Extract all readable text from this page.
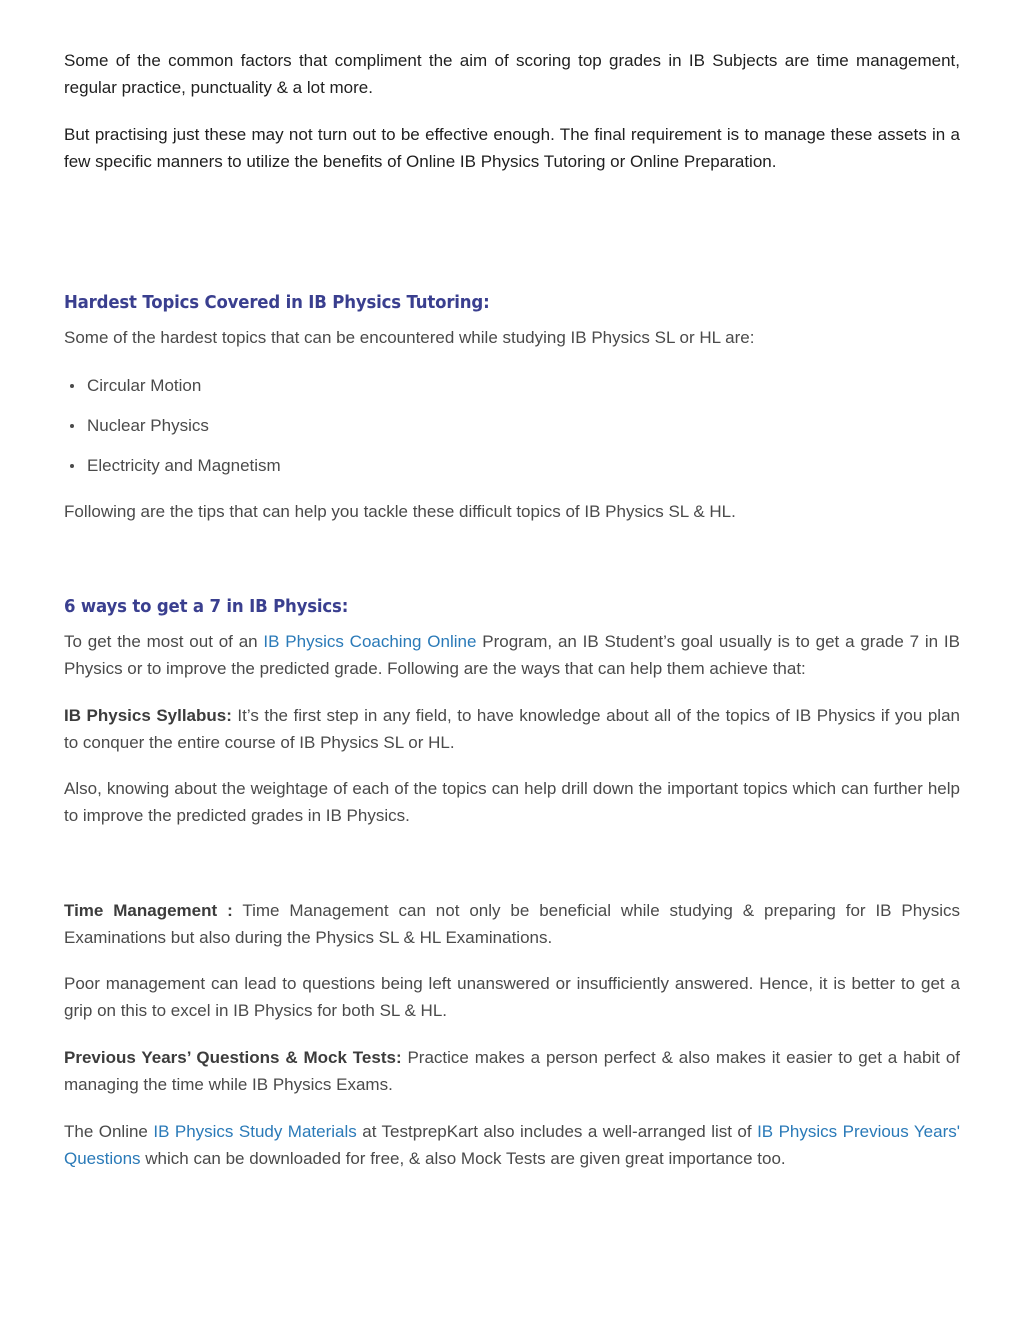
Some of the common factors that compliment the aim of scoring top grades in IB Subjects are time management, regular practice, punctuality & a lot more.

But practising just these may not turn out to be effective enough. The final requirement is to manage these assets in a few specific manners to utilize the benefits of Online IB Physics Tutoring or Online Preparation.

Hardest Topics Covered in IB Physics Tutoring:

Some of the hardest topics that can be encountered while studying IB Physics SL or HL are:

Circular Motion
Nuclear Physics
Electricity and Magnetism

Following are the tips that can help you tackle these difficult topics of IB Physics SL & HL.

6 ways to get a 7 in IB Physics:

To get the most out of an IB Physics Coaching Online Program, an IB Student’s goal usually is to get a grade 7 in IB Physics or to improve the predicted grade. Following are the ways that can help them achieve that:

IB Physics Syllabus: It’s the first step in any field, to have knowledge about all of the topics of IB Physics if you plan to conquer the entire course of IB Physics SL or HL.

Also, knowing about the weightage of each of the topics can help drill down the important topics which can further help to improve the predicted grades in IB Physics.

Time Management : Time Management can not only be beneficial while studying & preparing for IB Physics Examinations but also during the Physics SL & HL Examinations.

Poor management can lead to questions being left unanswered or insufficiently answered. Hence, it is better to get a grip on this to excel in IB Physics for both SL & HL.

Previous Years’ Questions & Mock Tests: Practice makes a person perfect & also makes it easier to get a habit of managing the time while IB Physics Exams.

The Online IB Physics Study Materials at TestprepKart also includes a well-arranged list of IB Physics Previous Years' Questions which can be downloaded for free, & also Mock Tests are given great importance too.
